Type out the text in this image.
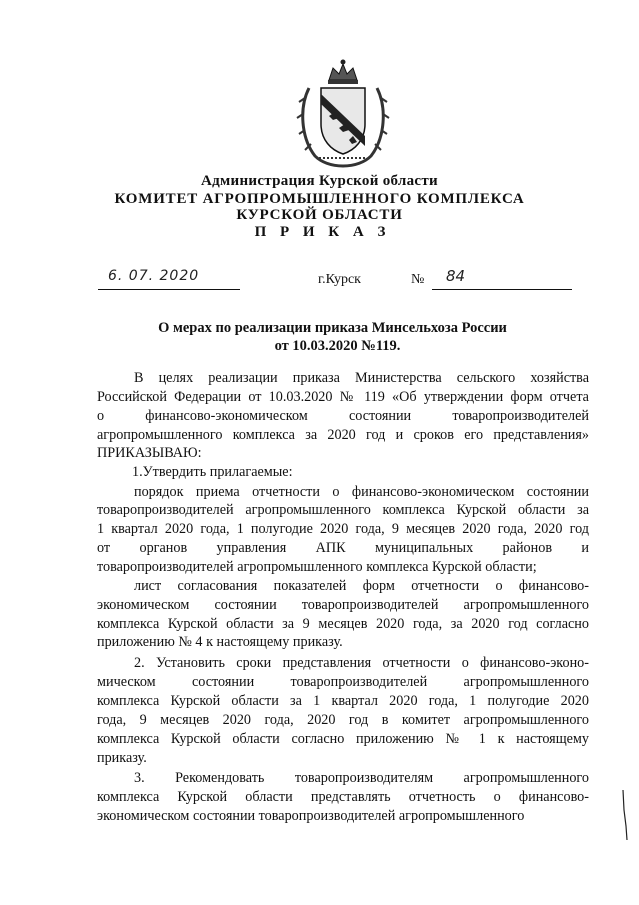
Администрация Курской области
КОМИТЕТ АГРОПРОМЫШЛЕННОГО КОМПЛЕКСА
КУРСКОЙ ОБЛАСТИ
П Р И К А З
6. 07. 2020	г.Курск	№ 84
О мерах по реализации приказа Минсельхоза России
от 10.03.2020 №119.
В целях реализации приказа Министерства сельского хозяйства
Российской Федерации от 10.03.2020 № 119 «Об утверждении форм отчета
о финансово-экономическом состоянии товаропроизводителей
агропромышленного комплекса за 2020 год и сроков его представления»
ПРИКАЗЫВАЮ:
1.Утвердить прилагаемые:
порядок приема отчетности о финансово-экономическом состоянии
товаропроизводителей агропромышленного комплекса Курской области за
1 квартал 2020 года, 1 полугодие 2020 года, 9 месяцев 2020 года, 2020 год
от органов управления АПК муниципальных районов и
товаропроизводителей агропромышленного комплекса Курской области;
лист согласования показателей форм отчетности о финансово-
экономическом состоянии товаропроизводителей агропромышленного
комплекса Курской области за 9 месяцев 2020 года, за 2020 год согласно
приложению № 4 к настоящему приказу.
2. Установить сроки представления отчетности о финансово-эконо-
мическом состоянии товаропроизводителей агропромышленного
комплекса Курской области за 1 квартал 2020 года, 1 полугодие 2020
года, 9 месяцев 2020 года, 2020 год в комитет агропромышленного
комплекса Курской области согласно приложению № 1 к настоящему
приказу.
3. Рекомендовать товаропроизводителям агропромышленного
комплекса Курской области представлять отчетность о финансово-
экономическом состоянии товаропроизводителей агропромышленного
